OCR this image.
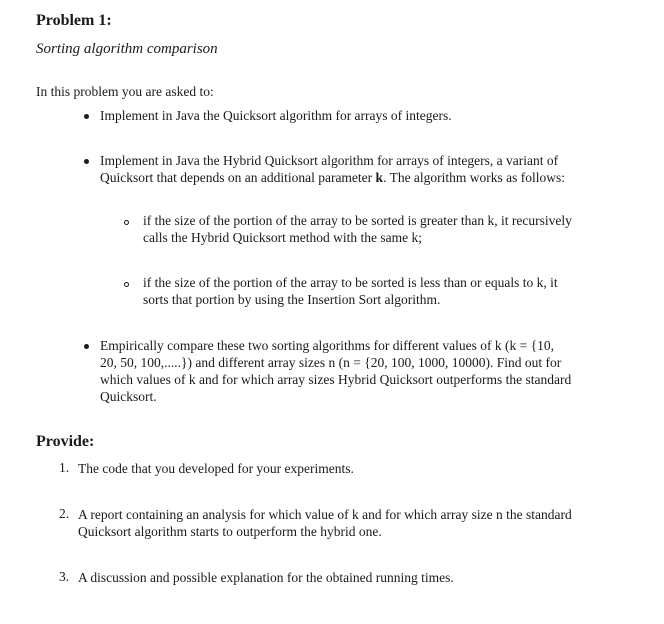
Problem 1:
Sorting algorithm comparison
In this problem you are asked to:
Implement in Java the Quicksort algorithm for arrays of integers.
Implement in Java the Hybrid Quicksort algorithm for arrays of integers, a variant of
Quicksort that depends on an additional parameter k. The algorithm works as follows:
if the size of the portion of the array to be sorted is greater than k, it recursively
calls the Hybrid Quicksort method with the same k;
if the size of the portion of the array to be sorted is less than or equals to k, it
sorts that portion by using the Insertion Sort algorithm.
Empirically compare these two sorting algorithms for different values of k (k = {10,
20, 50, 100,.....}) and different array sizes n (n = {20, 100, 1000, 10000). Find out for
which values of k and for which array sizes Hybrid Quicksort outperforms the standard
Quicksort.
Provide:
1. The code that you developed for your experiments.
2. A report containing an analysis for which value of k and for which array size n the standard
Quicksort algorithm starts to outperform the hybrid one.
3. A discussion and possible explanation for the obtained running times.
